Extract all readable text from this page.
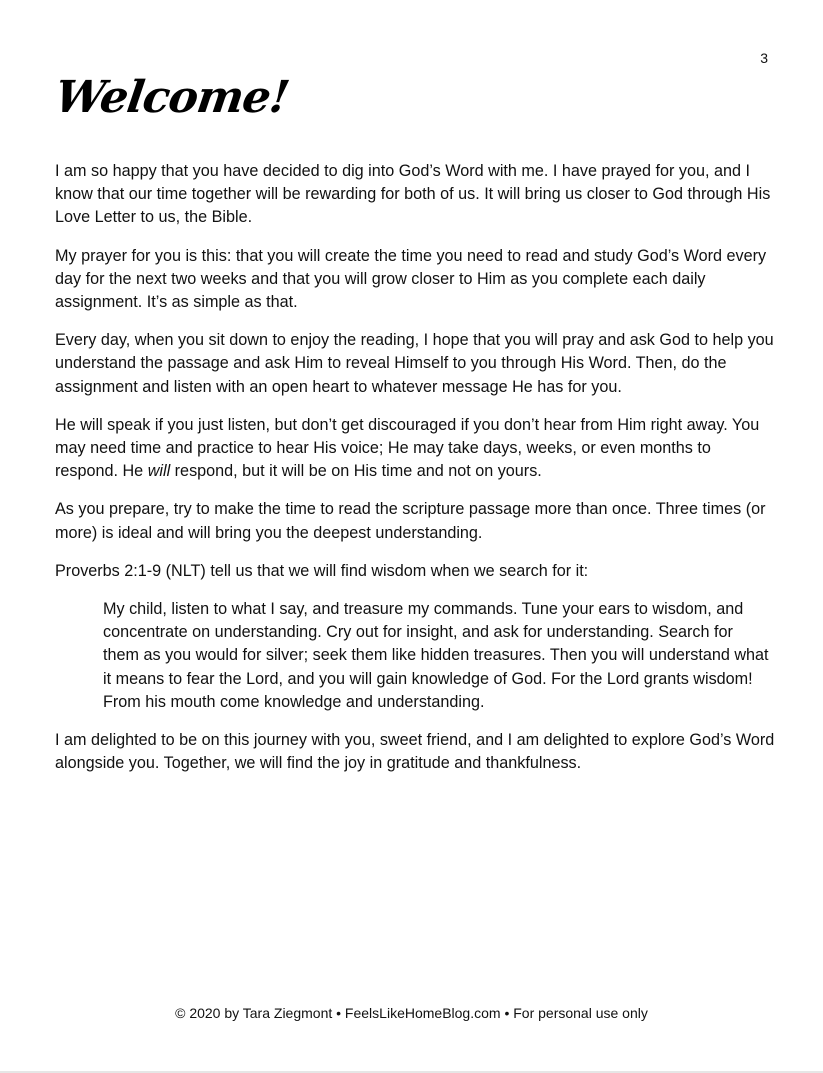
3
Welcome!

I am so happy that you have decided to dig into God’s Word with me. I have prayed for you, and I know that our time together will be rewarding for both of us. It will bring us closer to God through His Love Letter to us, the Bible.

My prayer for you is this: that you will create the time you need to read and study God’s Word every day for the next two weeks and that you will grow closer to Him as you complete each daily assignment. It’s as simple as that.

Every day, when you sit down to enjoy the reading, I hope that you will pray and ask God to help you understand the passage and ask Him to reveal Himself to you through His Word. Then, do the assignment and listen with an open heart to whatever message He has for you.

He will speak if you just listen, but don’t get discouraged if you don’t hear from Him right away. You may need time and practice to hear His voice; He may take days, weeks, or even months to respond. He will respond, but it will be on His time and not on yours.

As you prepare, try to make the time to read the scripture passage more than once. Three times (or more) is ideal and will bring you the deepest understanding.

Proverbs 2:1-9 (NLT) tell us that we will find wisdom when we search for it:

My child, listen to what I say, and treasure my commands. Tune your ears to wisdom, and concentrate on understanding. Cry out for insight, and ask for understanding. Search for them as you would for silver; seek them like hidden treasures. Then you will understand what it means to fear the Lord, and you will gain knowledge of God. For the Lord grants wisdom! From his mouth come knowledge and understanding.

I am delighted to be on this journey with you, sweet friend, and I am delighted to explore God’s Word alongside you. Together, we will find the joy in gratitude and thankfulness.

© 2020 by Tara Ziegmont • FeelsLikeHomeBlog.com • For personal use only
